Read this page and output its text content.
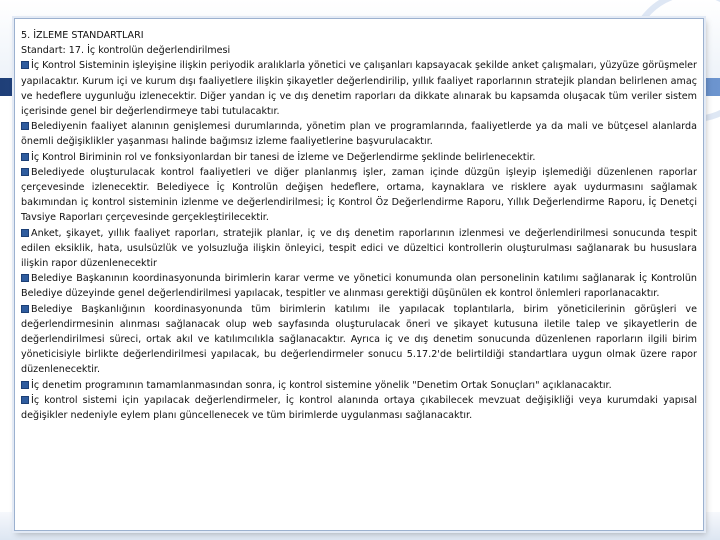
5. İZLEME STANDARTLARI
Standart: 17. İç kontrolün değerlendirilmesi
İç Kontrol Sisteminin işleyişine ilişkin periyodik aralıklarla yönetici ve çalışanları kapsayacak şekilde anket çalışmaları, yüzyüze görüşmeler yapılacaktır. Kurum içi ve kurum dışı faaliyetlere ilişkin şikayetler değerlendirilip, yıllık faaliyet raporlarının stratejik plandan belirlenen amaç ve hedeflere uygunluğu izlenecektir. Diğer yandan iç ve dış denetim raporları da dikkate alınarak bu kapsamda oluşacak tüm veriler sistem içerisinde genel bir değerlendirmeye tabi tutulacaktır.
Belediyenin faaliyet alanının genişlemesi durumlarında, yönetim plan ve programlarında, faaliyetlerde ya da mali ve bütçesel alanlarda önemli değişiklikler yaşanması halinde bağımsız izleme faaliyetlerine başvurulacaktır.
İç Kontrol Biriminin rol ve fonksiyonlardan bir tanesi de İzleme ve Değerlendirme şeklinde belirlenecektir.
Belediyede oluşturulacak kontrol faaliyetleri ve diğer planlanmış işler, zaman içinde düzgün işleyip işlemediği düzenlenen raporlar çerçevesinde izlenecektir. Belediyece İç Kontrolün değişen hedeflere, ortama, kaynaklara ve risklere ayak uydurmasını sağlamak bakımından iç kontrol sisteminin izlenme ve değerlendirilmesi; İç Kontrol Öz Değerlendirme Raporu, Yıllık Değerlendirme Raporu, İç Denetçi Tavsiye Raporları çerçevesinde gerçekleştirilecektir.
Anket, şikayet, yıllık faaliyet raporları, stratejik planlar, iç ve dış denetim raporlarının izlenmesi ve değerlendirilmesi sonucunda tespit edilen eksiklik, hata, usulsüzlük ve yolsuzluğa ilişkin önleyici, tespit edici ve düzeltici kontrollerin oluşturulması sağlanarak bu hususlara ilişkin rapor düzenlenecektir
Belediye Başkanının koordinasyonunda birimlerin karar verme ve yönetici konumunda olan personelinin katılımı sağlanarak İç Kontrolün Belediye düzeyinde genel değerlendirilmesi yapılacak, tespitler ve alınması gerektiği düşünülen ek kontrol önlemleri raporlanacaktır.
Belediye Başkanlığının koordinasyonunda tüm birimlerin katılımı ile yapılacak toplantılarla, birim yöneticilerinin görüşleri ve değerlendirmesinin alınması sağlanacak olup web sayfasında oluşturulacak öneri ve şikayet kutusuna iletile talep ve şikayetlerin de değerlendirilmesi süreci, ortak akıl ve katılımcılıkla sağlanacaktır. Ayrıca iç ve dış denetim sonucunda düzenlenen raporların ilgili birim yöneticisiyle birlikte değerlendirilmesi yapılacak, bu değerlendirmeler sonucu 5.17.2'de belirtildiği standartlara uygun olmak üzere rapor düzenlenecektir.
İç denetim programının tamamlanmasından sonra, iç kontrol sistemine yönelik "Denetim Ortak Sonuçları" açıklanacaktır.
İç kontrol sistemi için yapılacak değerlendirmeler, İç kontrol alanında ortaya çıkabilecek mevzuat değişikliği veya kurumdaki yapısal değişikler nedeniyle eylem planı güncellenecek ve tüm birimlerde uygulanması sağlanacaktır.
